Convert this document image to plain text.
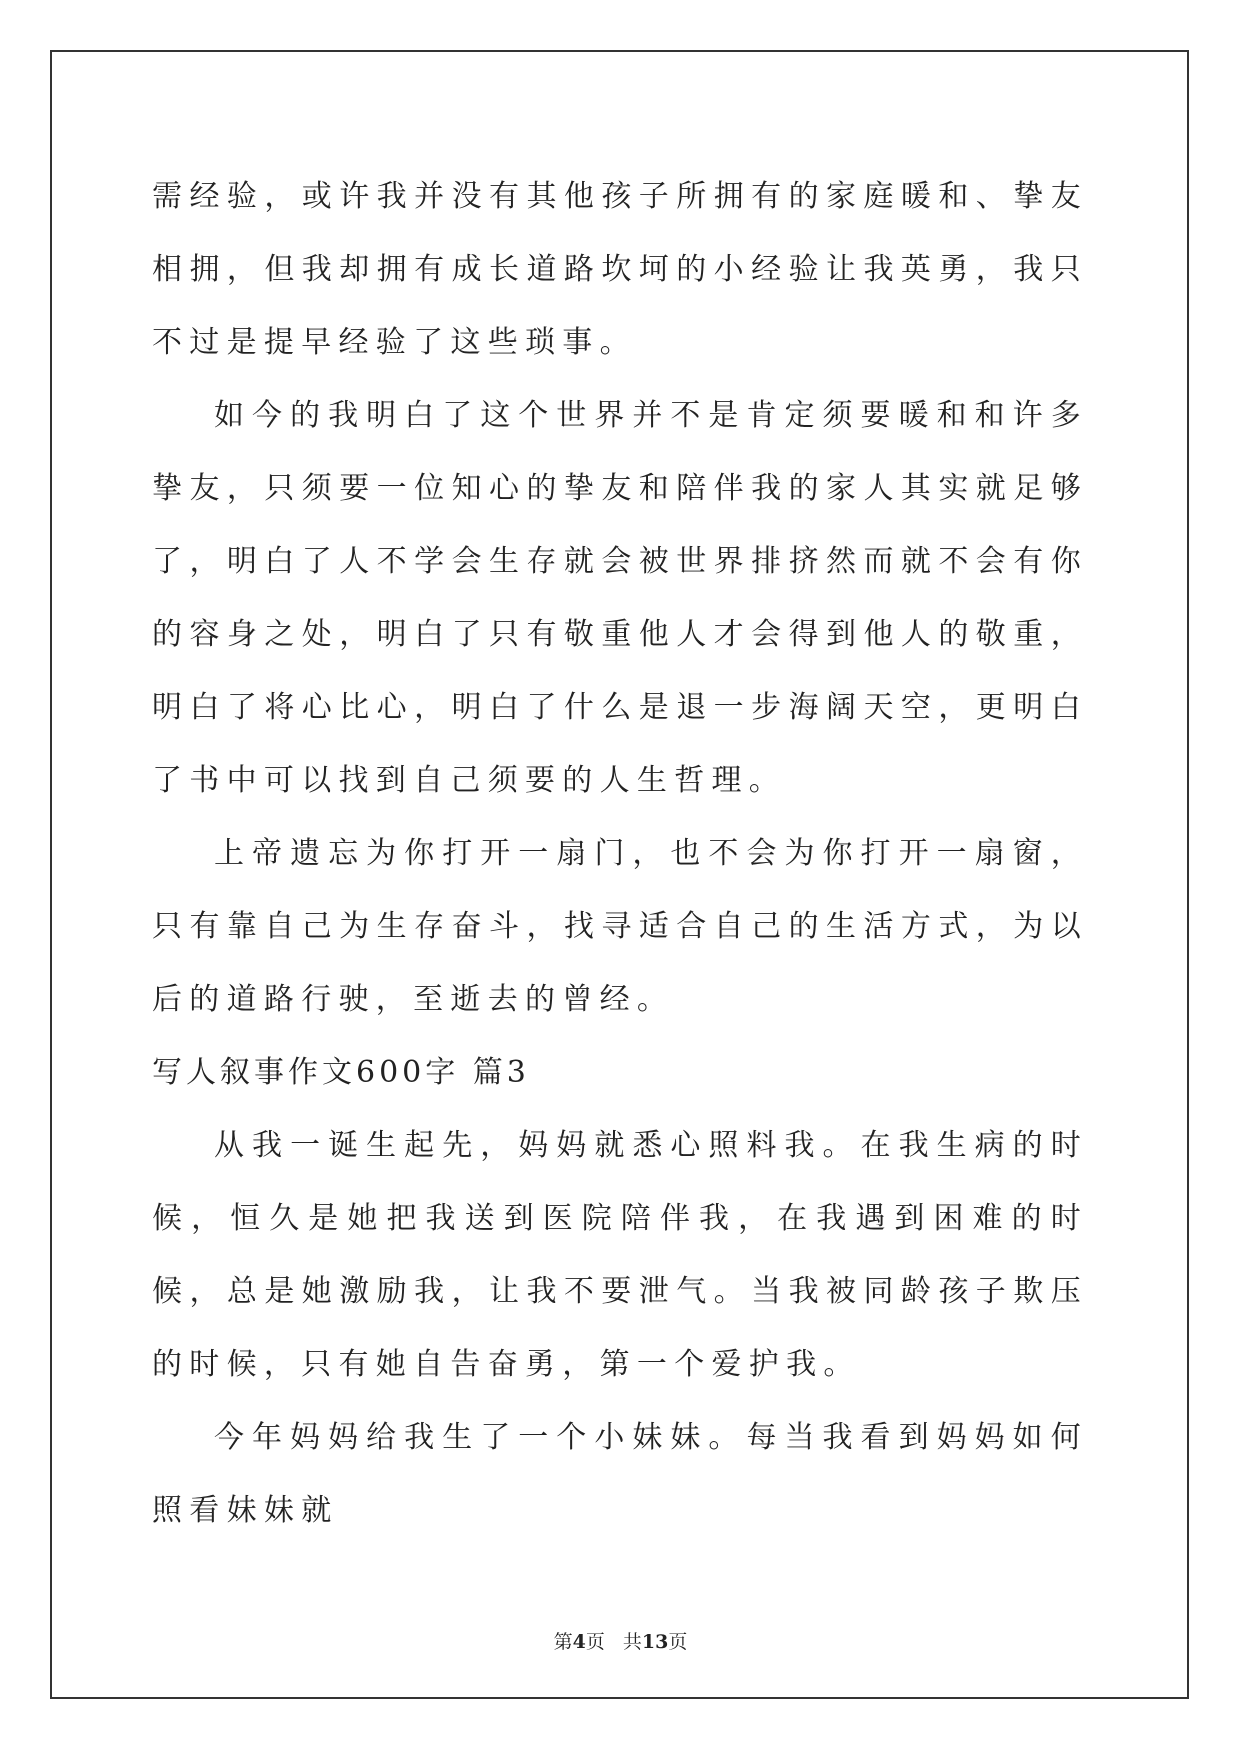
需经验，或许我并没有其他孩子所拥有的家庭暖和、挚友相拥，但我却拥有成长道路坎坷的小经验让我英勇，我只不过是提早经验了这些琐事。

如今的我明白了这个世界并不是肯定须要暖和和许多挚友，只须要一位知心的挚友和陪伴我的家人其实就足够了，明白了人不学会生存就会被世界排挤然而就不会有你的容身之处，明白了只有敬重他人才会得到他人的敬重，明白了将心比心，明白了什么是退一步海阔天空，更明白了书中可以找到自己须要的人生哲理。

上帝遗忘为你打开一扇门，也不会为你打开一扇窗，只有靠自己为生存奋斗，找寻适合自己的生活方式，为以后的道路行驶，至逝去的曾经。

写人叙事作文600字 篇3

从我一诞生起先，妈妈就悉心照料我。在我生病的时候，恒久是她把我送到医院陪伴我，在我遇到困难的时候，总是她激励我，让我不要泄气。当我被同龄孩子欺压的时候，只有她自告奋勇，第一个爱护我。

今年妈妈给我生了一个小妹妹。每当我看到妈妈如何照看妹妹就

第4页 共13页
